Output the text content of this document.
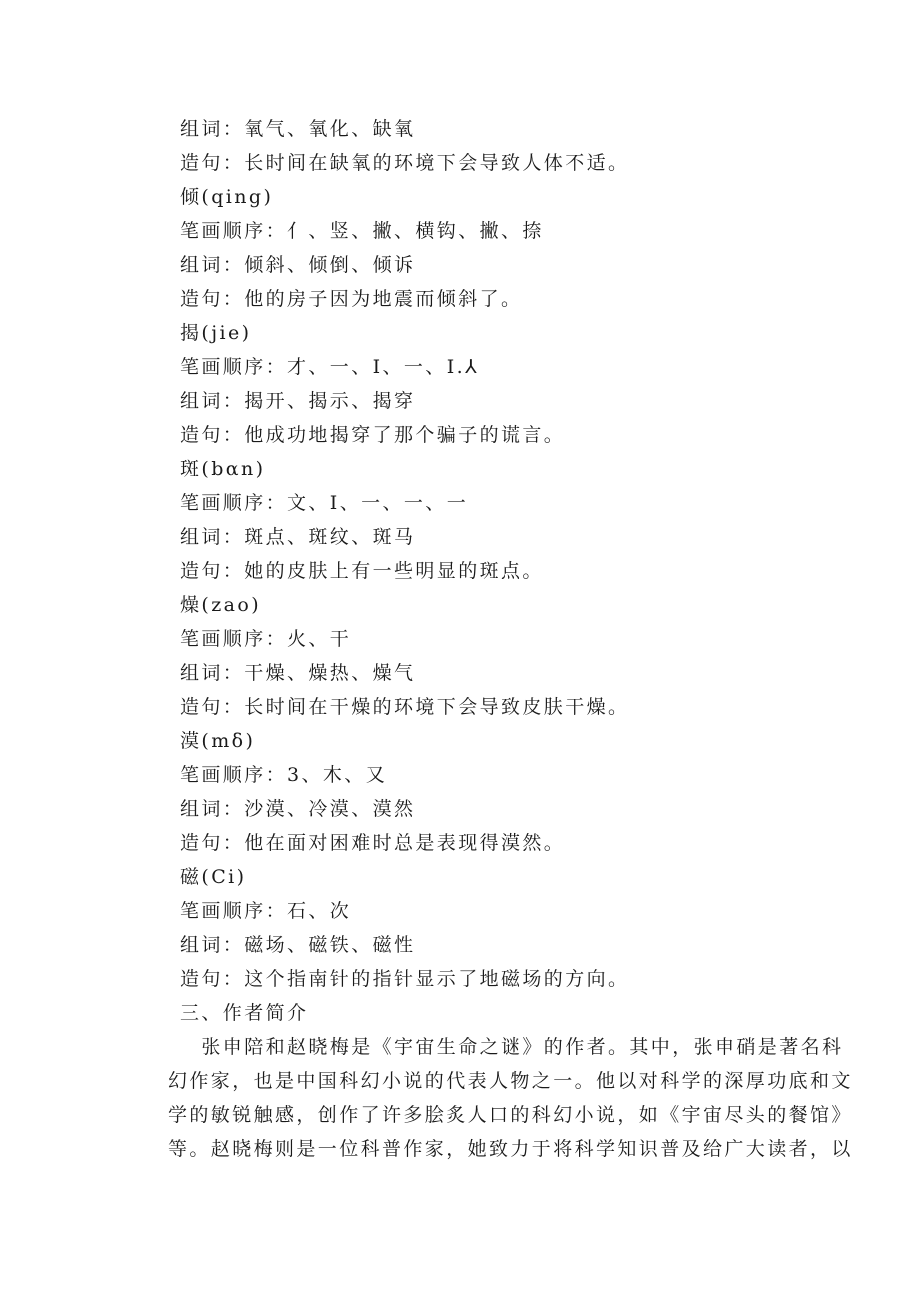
组词：氧气、氧化、缺氧
造句：长时间在缺氧的环境下会导致人体不适。
倾(qing)
笔画顺序：亻、竖、撇、横钩、撇、捺
组词：倾斜、倾倒、倾诉
造句：他的房子因为地震而倾斜了。
揭(jie)
笔画顺序：才、一、I、一、I.⅄
组词：揭开、揭示、揭穿
造句：他成功地揭穿了那个骗子的谎言。
斑(bαn)
笔画顺序：文、I、一、一、一
组词：斑点、斑纹、斑马
造句：她的皮肤上有一些明显的斑点。
燥(zao)
笔画顺序：火、干
组词：干燥、燥热、燥气
造句：长时间在干燥的环境下会导致皮肤干燥。
漠(mδ)
笔画顺序：3、木、又
组词：沙漠、冷漠、漠然
造句：他在面对困难时总是表现得漠然。
磁(Ci)
笔画顺序：石、次
组词：磁场、磁铁、磁性
造句：这个指南针的指针显示了地磁场的方向。
三、作者简介
　张申陪和赵晓梅是《宇宙生命之谜》的作者。其中，张申硝是著名科
幻作家，也是中国科幻小说的代表人物之一。他以对科学的深厚功底和文
学的敏锐触感，创作了许多脍炙人口的科幻小说，如《宇宙尽头的餐馆》
等。赵晓梅则是一位科普作家，她致力于将科学知识普及给广大读者，以
